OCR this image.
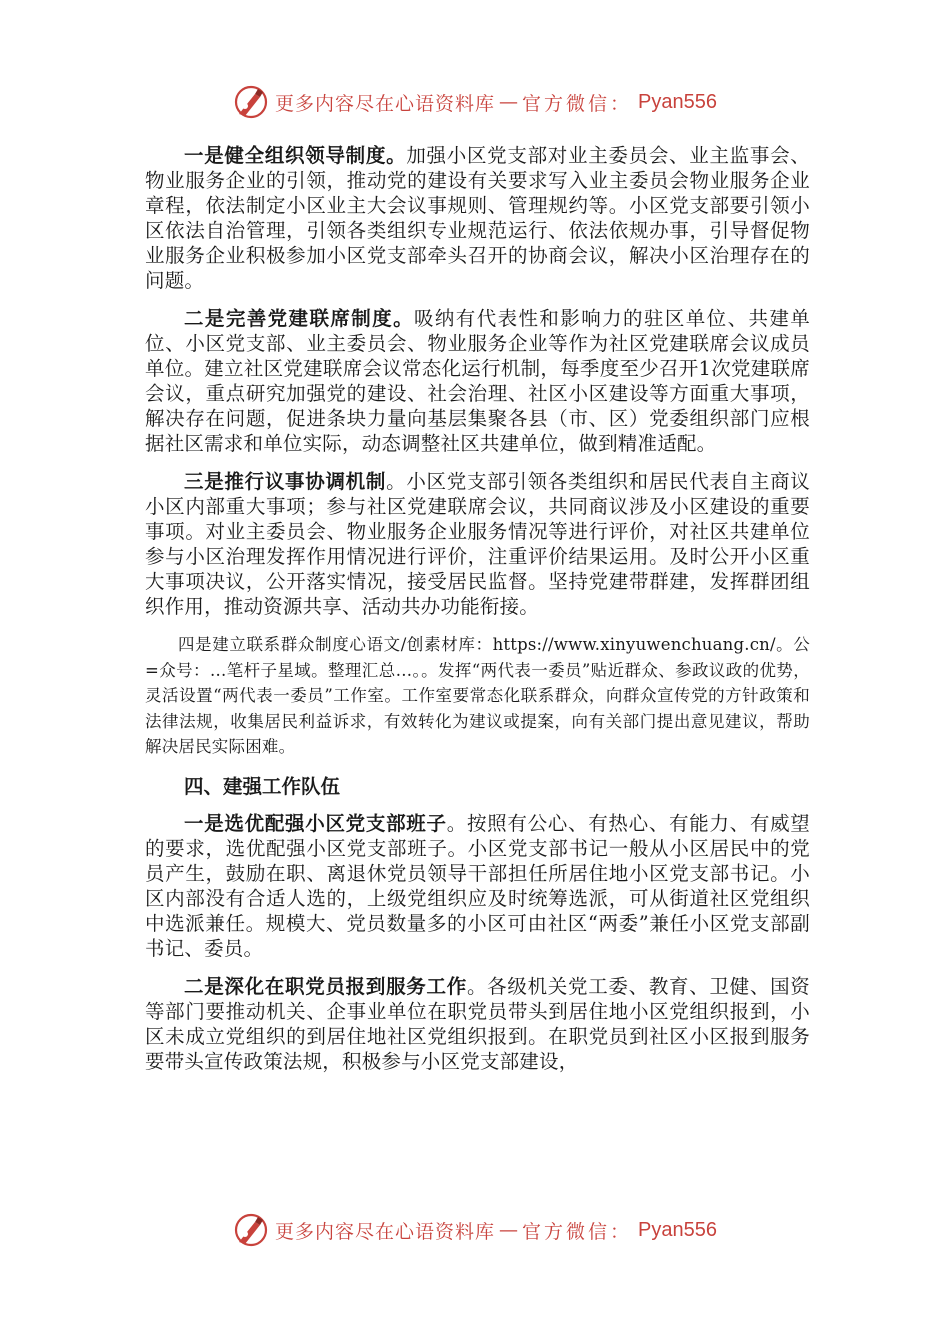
更多内容尽在心语资料库 — 官方微信： Pyan556

一是健全组织领导制度。加强小区党支部对业主委员会、业主监事会、物业服务企业的引领，推动党的建设有关要求写入业主委员会物业服务企业章程，依法制定小区业主大会议事规则、管理规约等。小区党支部要引领小区依法自治管理，引领各类组织专业规范运行、依法依规办事，引导督促物业服务企业积极参加小区党支部牵头召开的协商会议，解决小区治理存在的问题。

二是完善党建联席制度。吸纳有代表性和影响力的驻区单位、共建单位、小区党支部、业主委员会、物业服务企业等作为社区党建联席会议成员单位。建立社区党建联席会议常态化运行机制，每季度至少召开1次党建联席会议，重点研究加强党的建设、社会治理、社区小区建设等方面重大事项，解决存在问题，促进条块力量向基层集聚各县（市、区）党委组织部门应根据社区需求和单位实际，动态调整社区共建单位，做到精准适配。

三是推行议事协调机制。小区党支部引领各类组织和居民代表自主商议小区内部重大事项；参与社区党建联席会议，共同商议涉及小区建设的重要事项。对业主委员会、物业服务企业服务情况等进行评价，对社区共建单位参与小区治理发挥作用情况进行评价，注重评价结果运用。及时公开小区重大事项决议，公开落实情况，接受居民监督。坚持党建带群建，发挥群团组织作用，推动资源共享、活动共办功能衔接。

四是建立联系群众制度心语文/创素材库：https://www.xinyuwenchuang.cn/。公=众号：…笔杆子星域。整理汇总…。。发挥“两代表一委员”贴近群众、参政议政的优势，灵活设置“两代表一委员”工作室。工作室要常态化联系群众，向群众宣传党的方针政策和法律法规，收集居民利益诉求，有效转化为建议或提案，向有关部门提出意见建议，帮助解决居民实际困难。

四、建强工作队伍

一是选优配强小区党支部班子。按照有公心、有热心、有能力、有威望的要求，选优配强小区党支部班子。小区党支部书记一般从小区居民中的党员产生，鼓励在职、离退休党员领导干部担任所居住地小区党支部书记。小区内部没有合适人选的，上级党组织应及时统筹选派，可从街道社区党组织中选派兼任。规模大、党员数量多的小区可由社区“两委”兼任小区党支部副书记、委员。

二是深化在职党员报到服务工作。各级机关党工委、教育、卫健、国资等部门要推动机关、企事业单位在职党员带头到居住地小区党组织报到，小区未成立党组织的到居住地社区党组织报到。在职党员到社区小区报到服务要带头宣传政策法规，积极参与小区党支部建设，

更多内容尽在心语资料库 — 官方微信： Pyan556
